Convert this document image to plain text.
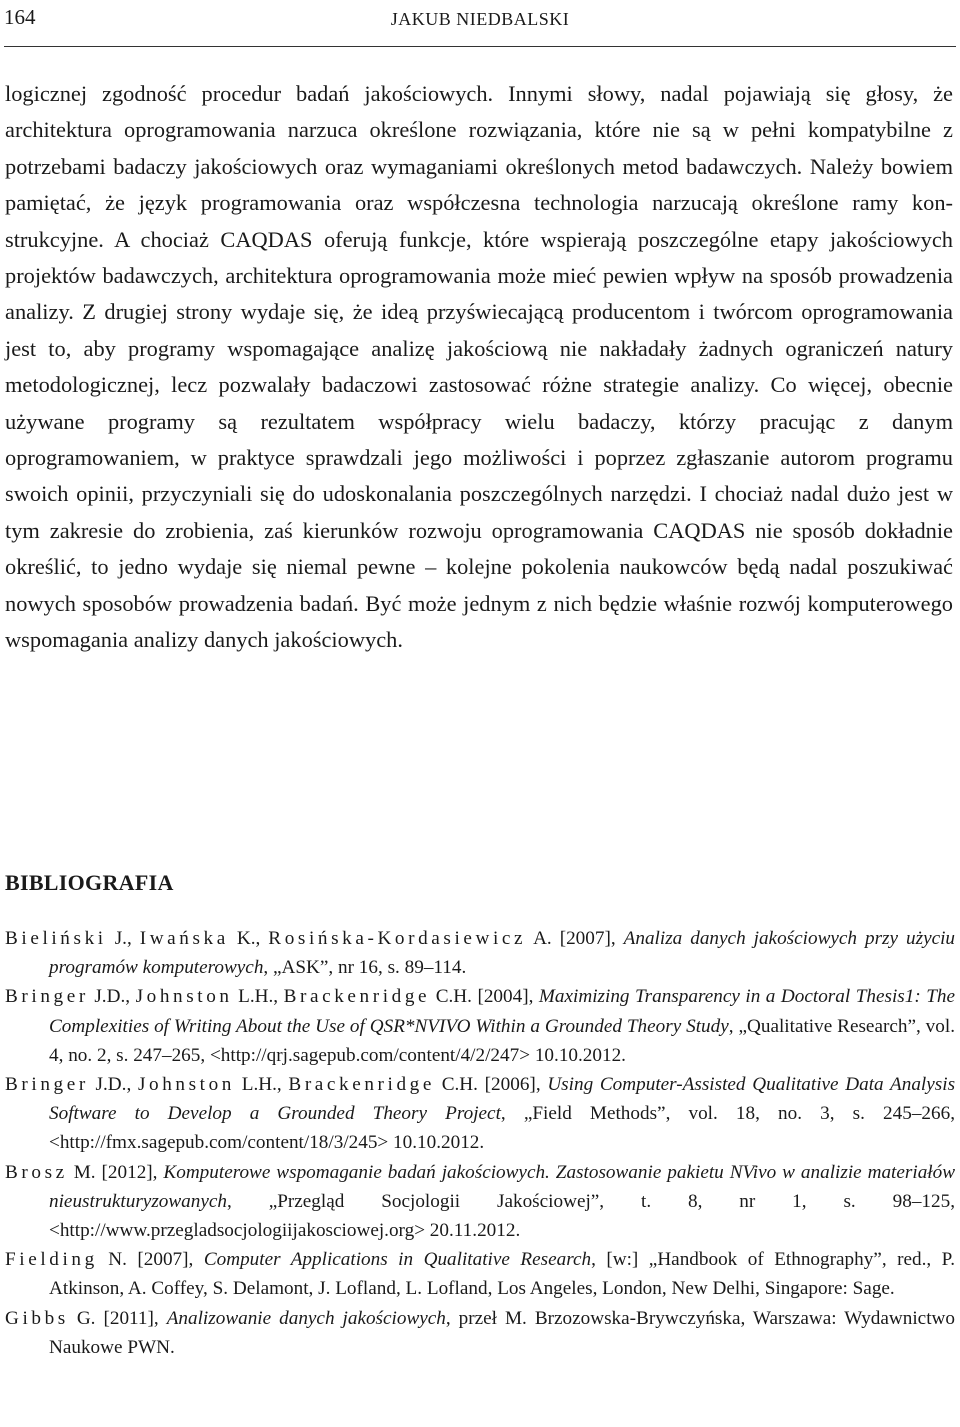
164	JAKUB NIEDBALSKI

logicznej zgodność procedur badań jakościowych. Innymi słowy, nadal pojawiają się głosy, że architektura oprogramowania narzuca określone rozwiązania, które nie są w pełni kompatybilne z potrzebami badaczy jakościowych oraz wymaganiami określonych metod badawczych. Należy bowiem pamiętać, że język programowania oraz współczesna technologia narzucają określone ramy konstrukcyjne. A chociaż CAQDAS oferują funkcje, które wspierają poszczególne etapy jakościowych projektów badawczych, architektura oprogramowania może mieć pewien wpływ na sposób prowadzenia analizy. Z drugiej strony wydaje się, że ideą przyświecającą producentom i twórcom oprogramowania jest to, aby programy wspomagające analizę jakościową nie nakładały żadnych ograniczeń natury metodologicznej, lecz pozwalały badaczowi zastosować różne strategie analizy. Co więcej, obecnie używane programy są rezultatem współpracy wielu badaczy, którzy pracując z danym oprogramowaniem, w praktyce sprawdzali jego możliwości i poprzez zgłaszanie autorom programu swoich opinii, przyczyniali się do udoskonalania poszczególnych narzędzi. I chociaż nadal dużo jest w tym zakresie do zrobienia, zaś kierunków rozwoju oprogramowania CAQDAS nie sposób dokładnie określić, to jedno wydaje się niemal pewne – kolejne pokolenia naukowców będą nadal poszukiwać nowych sposobów prowadzenia badań. Być może jednym z nich będzie właśnie rozwój komputerowego wspomagania analizy danych jakościowych.

BIBLIOGRAFIA

Bieliński J., Iwańska K., Rosińska-Kordasiewicz A. [2007], Analiza danych jakościowych przy użyciu programów komputerowych, „ASK”, nr 16, s. 89–114.

Bringer J.D., Johnston L.H., Brackenridge C.H. [2004], Maximizing Transparency in a Doctoral Thesis1: The Complexities of Writing About the Use of QSR*NVIVO Within a Grounded Theory Study, „Qualitative Research”, vol. 4, no. 2, s. 247–265, <http://qrj.sagepub.com/content/4/2/247> 10.10.2012.

Bringer J.D., Johnston L.H., Brackenridge C.H. [2006], Using Computer-Assisted Qualitative Data Analysis Software to Develop a Grounded Theory Project, „Field Methods”, vol. 18, no. 3, s. 245–266, <http://fmx.sagepub.com/content/18/3/245> 10.10.2012.

Brosz M. [2012], Komputerowe wspomaganie badań jakościowych. Zastosowanie pakietu NVivo w analizie materiałów nieustrukturyzowanych, „Przegląd Socjologii Jakościowej”, t. 8, nr 1, s. 98–125, <http://www.przegladsocjologiijakosciowej.org> 20.11.2012.

Fielding N. [2007], Computer Applications in Qualitative Research, [w:] „Handbook of Ethnography”, red., P. Atkinson, A. Coffey, S. Delamont, J. Lofland, L. Lofland, Los Angeles, London, New Delhi, Singapore: Sage.

Gibbs G. [2011], Analizowanie danych jakościowych, przeł M. Brzozowska-Brywczyńska, Warszawa: Wydawnictwo Naukowe PWN.
